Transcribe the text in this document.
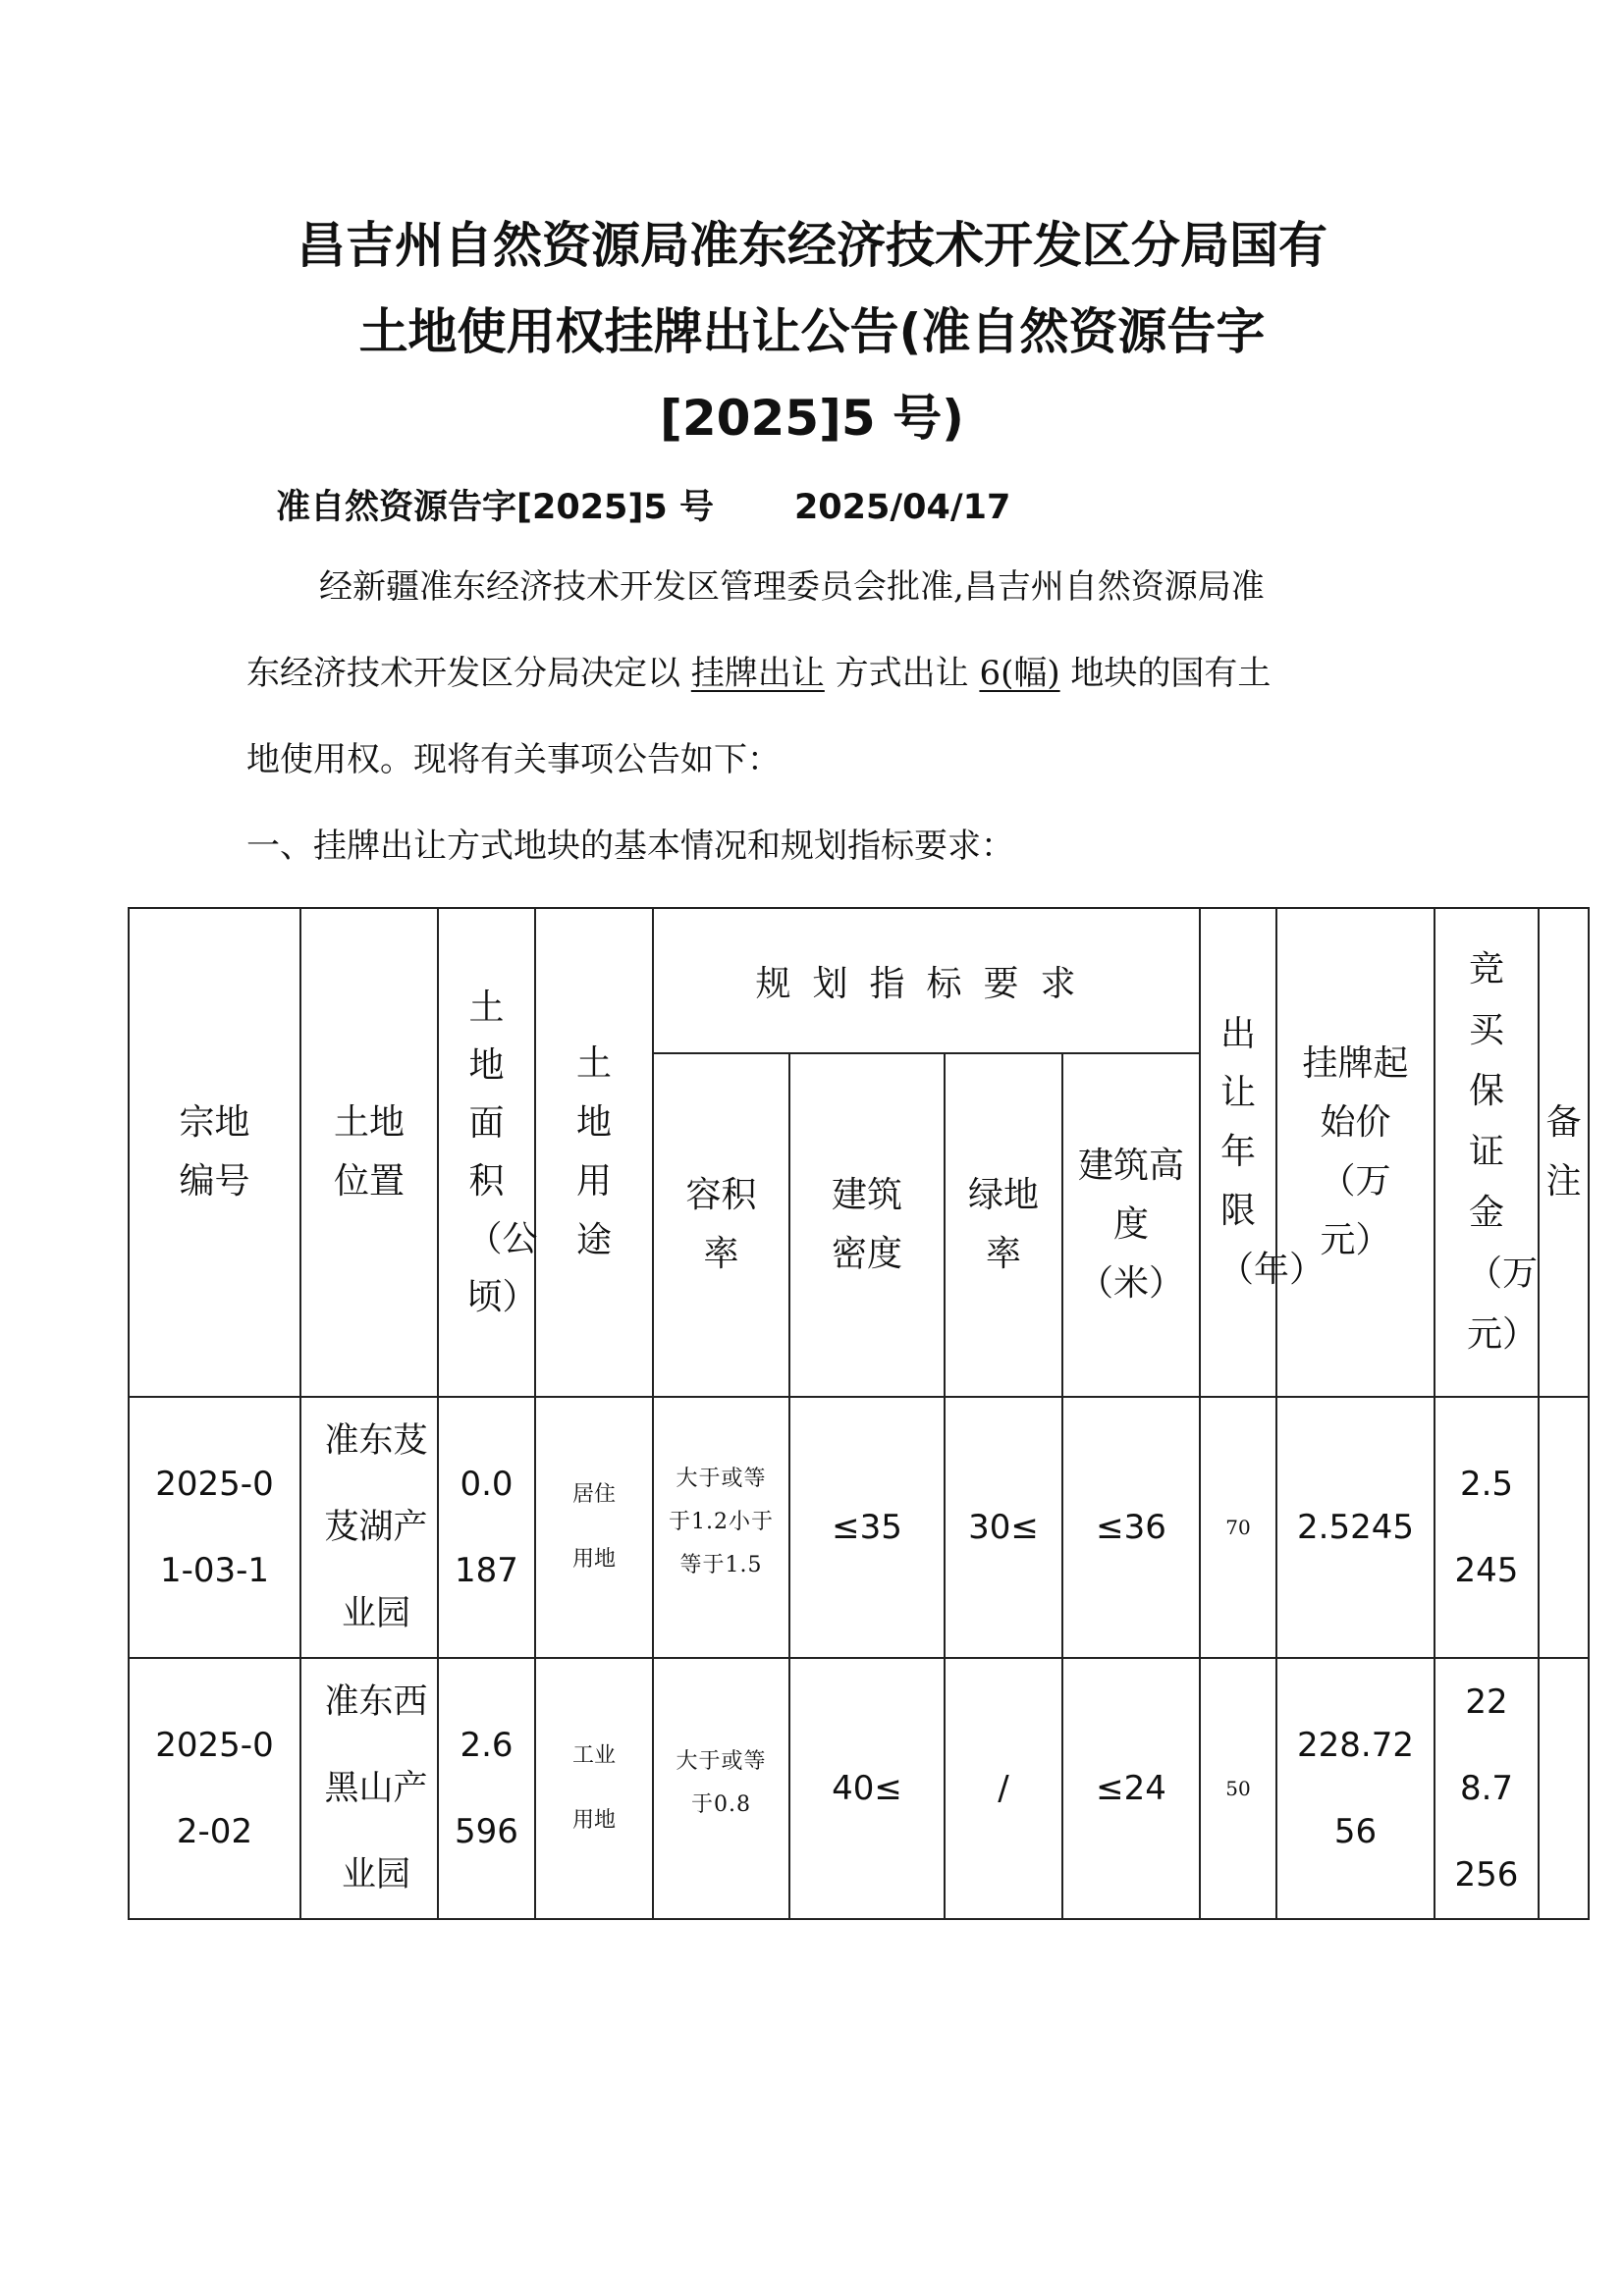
昌吉州自然资源局准东经济技术开发区分局国有
土地使用权挂牌出让公告(准自然资源告字
[2025]5 号)
准自然资源告字[2025]5 号 2025/04/17
经新疆准东经济技术开发区管理委员会批准,昌吉州自然资源局准
东经济技术开发区分局决定以 挂牌出让 方式出让 6(幅) 地块的国有土
地使用权。现将有关事项公告如下：
一、挂牌出让方式地块的基本情况和规划指标要求：
宗地编号	土地位置	土地面积（公顷）	土地用途	规划指标要求				出让年限（年）	挂牌起始价（万元）	竞买保证金（万元）	备注
				容积率	建筑密度	绿地率	建筑高度（米）				
2025-01-03-1	准东芨芨湖产业园	0.0187	居住用地	大于或等于1.2小于等于1.5	≤35	30≤	≤36	70	2.5245	2.5245	
2025-02-02	准东西黑山产业园	2.6596	工业用地	大于或等于0.8	40≤	/	≤24	50	228.7256	228.7256	
